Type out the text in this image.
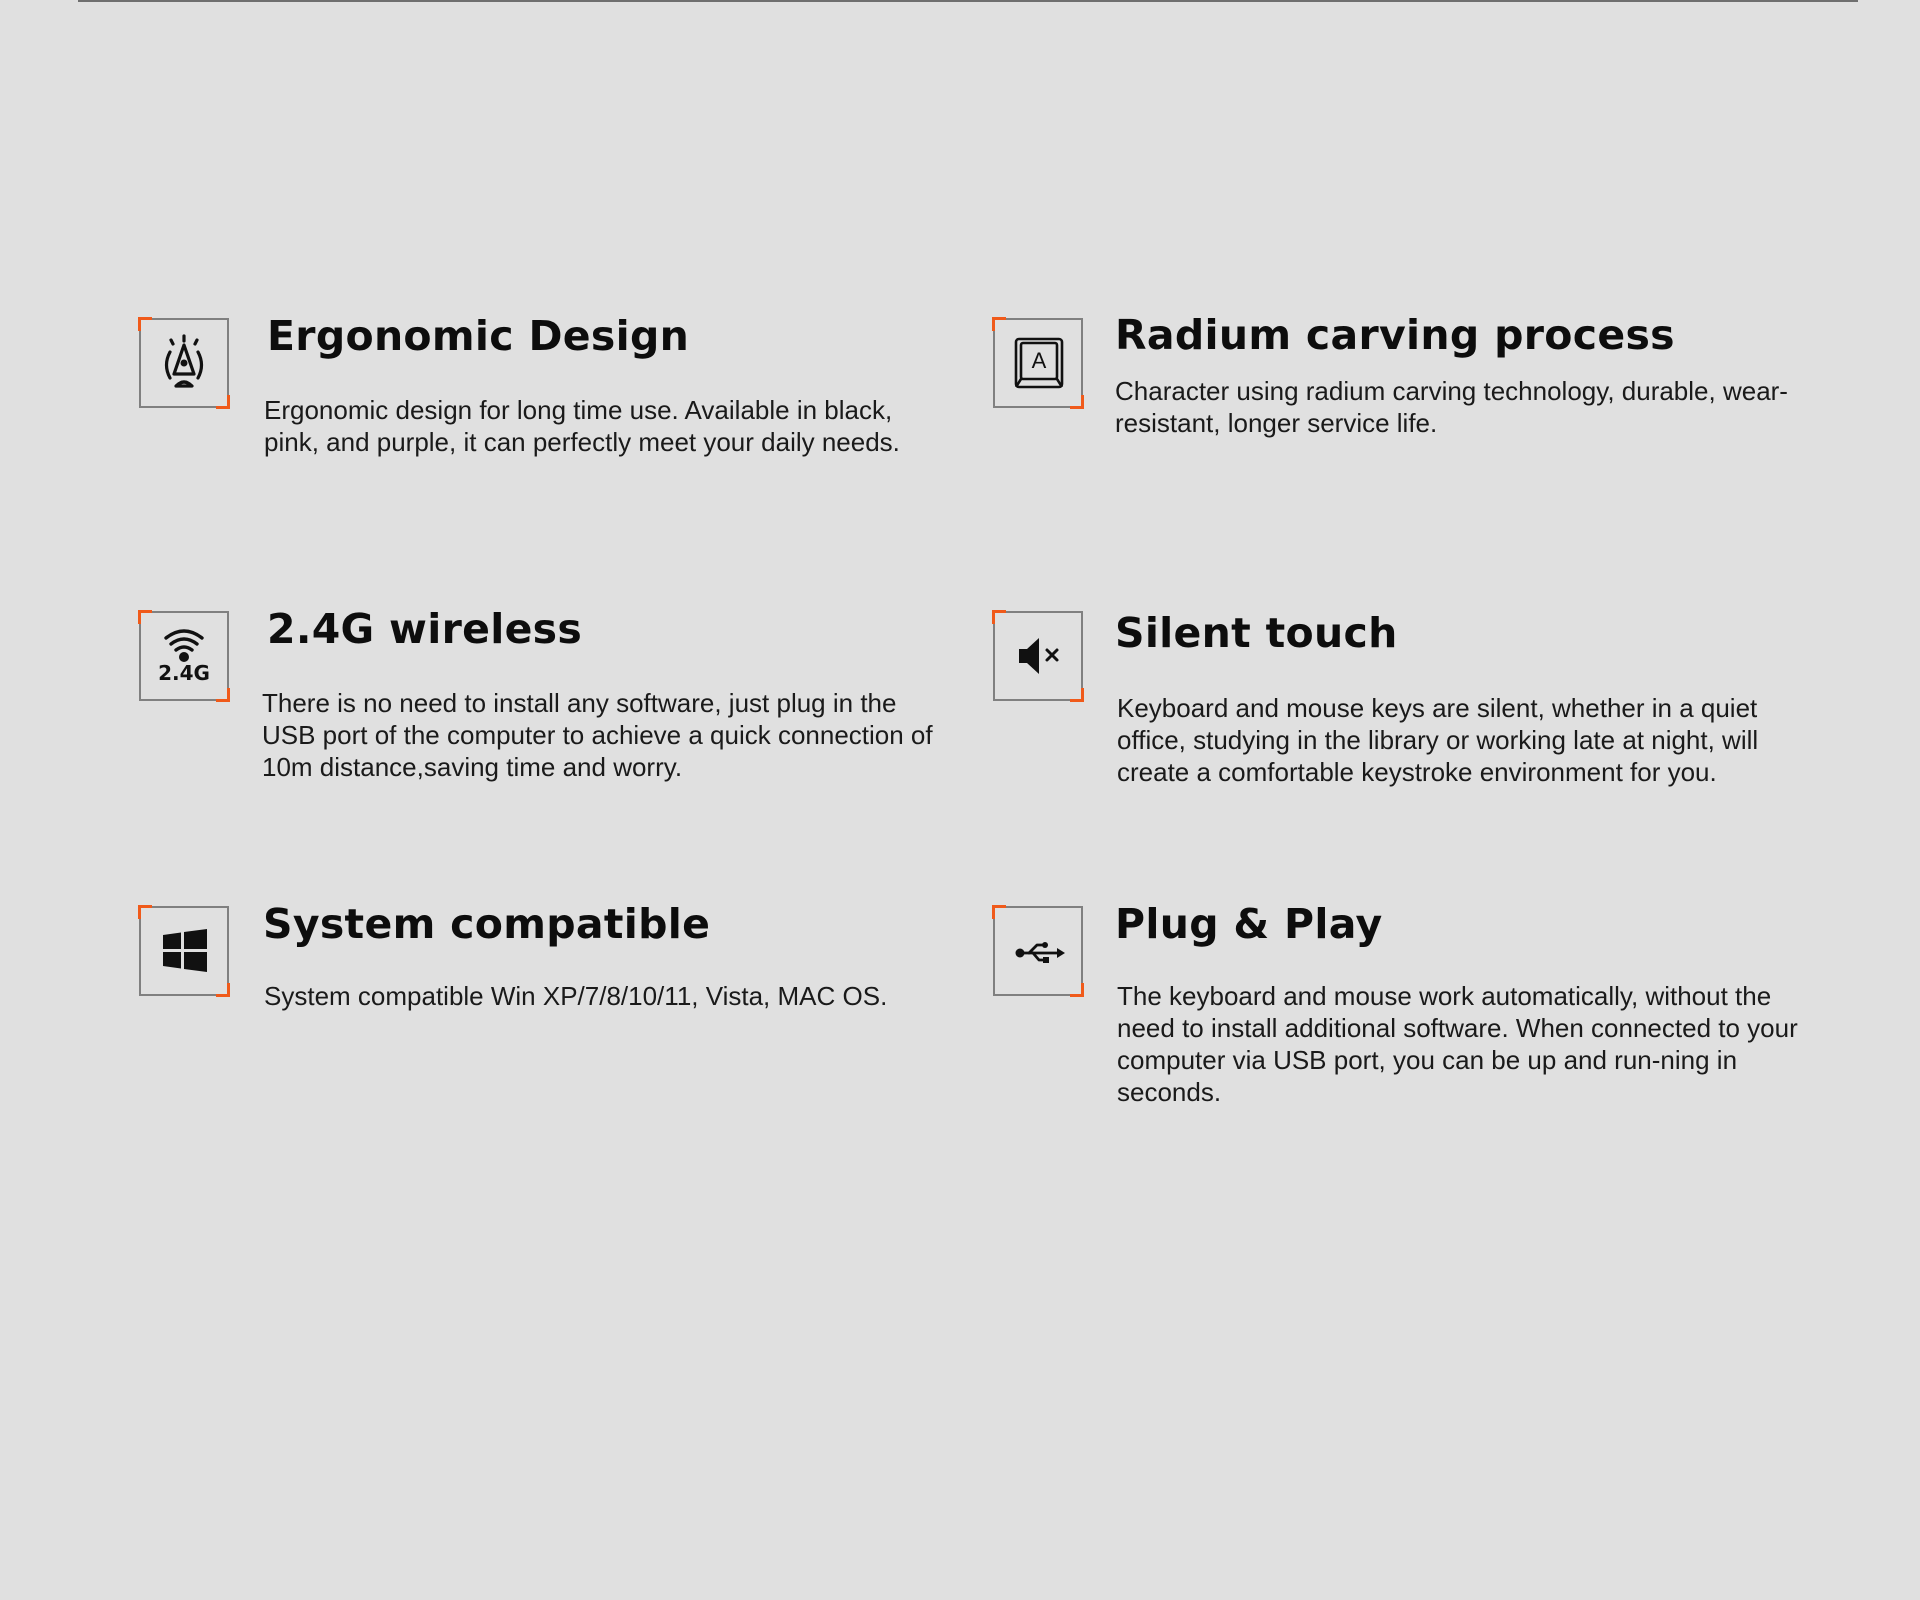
Ergonomic Design

Ergonomic design for long time use. Available in black, pink, and purple, it can perfectly meet your daily needs.

A
Radium carving process

Character using radium carving technology, durable, wear-resistant, longer service life.

2.4G
2.4G wireless

There is no need to install any software, just plug in the USB port of the computer to achieve a quick connection of 10m distance,saving time and worry.

Silent touch

Keyboard and mouse keys are silent, whether in a quiet office, studying in the library or working late at night, will create a comfortable keystroke environment for you.

System compatible

System compatible Win XP/7/8/10/11, Vista, MAC OS.

Plug & Play

The keyboard and mouse work automatically, without the need to install additional software. When connected to your computer via USB port, you can be up and run-ning in seconds.
